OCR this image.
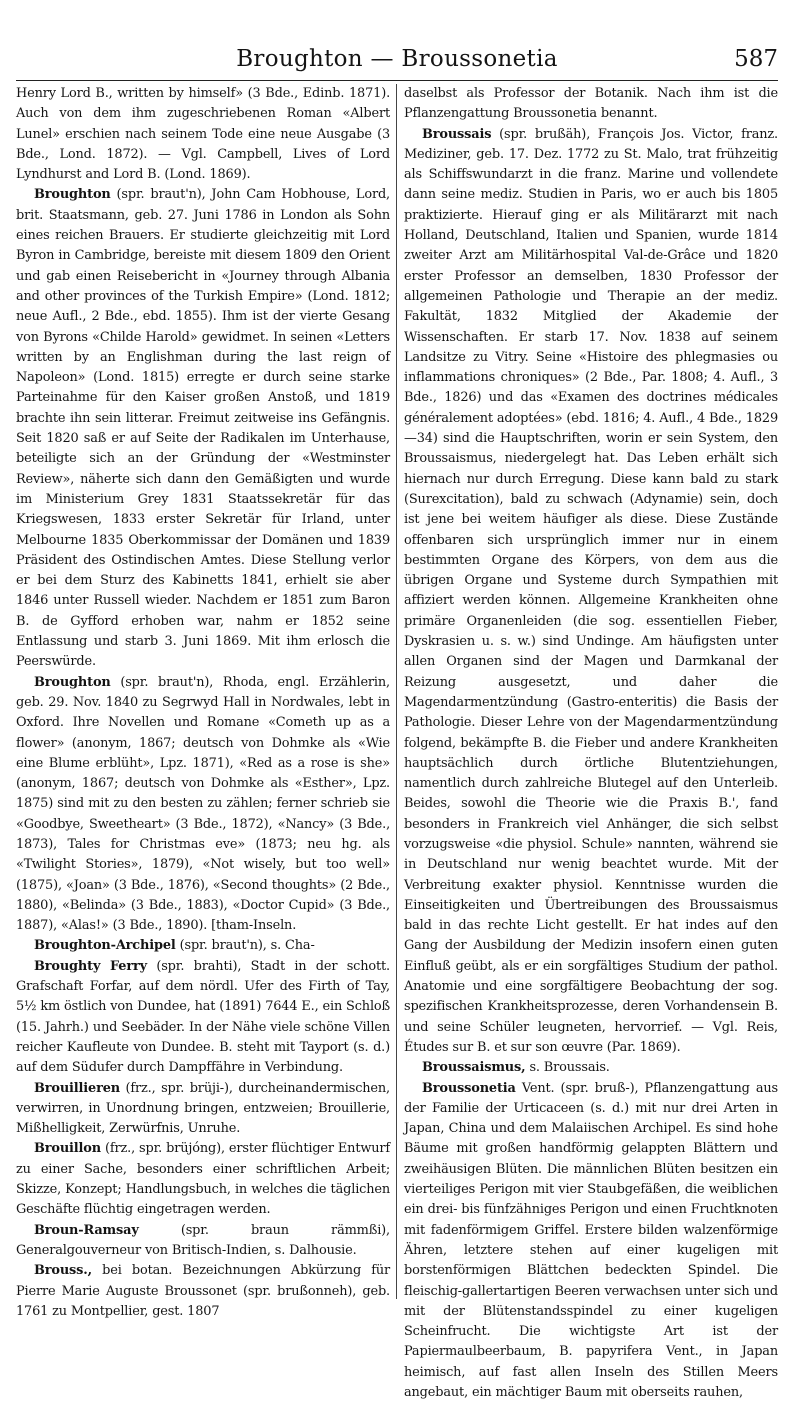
Broughton — Broussonetia	587

Henry Lord B., written by himself» (3 Bde., Edinb. 1871). Auch von dem ihm zugeschriebenen Roman «Albert Lunel» erschien nach seinem Tode eine neue Ausgabe (3 Bde., Lond. 1872). — Vgl. Campbell, Lives of Lord Lyndhurst and Lord B. (Lond. 1869).

Broughton (spr. braut'n), John Cam Hobhouse, Lord, brit. Staatsmann, geb. 27. Juni 1786 in London als Sohn eines reichen Brauers. Er studierte gleichzeitig mit Lord Byron in Cambridge, bereiste mit diesem 1809 den Orient und gab einen Reisebericht in «Journey through Albania and other provinces of the Turkish Empire» (Lond. 1812; neue Aufl., 2 Bde., ebd. 1855). Ihm ist der vierte Gesang von Byrons «Childe Harold» gewidmet. In seinen «Letters written by an Englishman during the last reign of Napoleon» (Lond. 1815) erregte er durch seine starke Parteinahme für den Kaiser großen Anstoß, und 1819 brachte ihn sein litterar. Freimut zeitweise ins Gefängnis. Seit 1820 saß er auf Seite der Radikalen im Unterhause, beteiligte sich an der Gründung der «Westminster Review», näherte sich dann den Gemäßigten und wurde im Ministerium Grey 1831 Staatssekretär für das Kriegswesen, 1833 erster Sekretär für Irland, unter Melbourne 1835 Oberkommissar der Domänen und 1839 Präsident des Ostindischen Amtes. Diese Stellung verlor er bei dem Sturz des Kabinetts 1841, erhielt sie aber 1846 unter Russell wieder. Nachdem er 1851 zum Baron B. de Gyfford erhoben war, nahm er 1852 seine Entlassung und starb 3. Juni 1869. Mit ihm erlosch die Peerswürde.

Broughton (spr. braut'n), Rhoda, engl. Erzählerin, geb. 29. Nov. 1840 zu Segrwyd Hall in Nordwales, lebt in Oxford. Ihre Novellen und Romane «Cometh up as a flower» (anonym, 1867; deutsch von Dohmke als «Wie eine Blume erblüht», Lpz. 1871), «Red as a rose is she» (anonym, 1867; deutsch von Dohmke als «Esther», Lpz. 1875) sind mit zu den besten zu zählen; ferner schrieb sie «Goodbye, Sweetheart» (3 Bde., 1872), «Nancy» (3 Bde., 1873), Tales for Christmas eve» (1873; neu hg. als «Twilight Stories», 1879), «Not wisely, but too well» (1875), «Joan» (3 Bde., 1876), «Second thoughts» (2 Bde., 1880), «Belinda» (3 Bde., 1883), «Doctor Cupid» (3 Bde., 1887), «Alas!» (3 Bde., 1890). [tham-Inseln.

Broughton-Archipel (spr. braut'n), s. Cha-

Broughty Ferry (spr. brahti), Stadt in der schott. Grafschaft Forfar, auf dem nördl. Ufer des Firth of Tay, 5½ km östlich von Dundee, hat (1891) 7644 E., ein Schloß (15. Jahrh.) und Seebäder. In der Nähe viele schöne Villen reicher Kaufleute von Dundee. B. steht mit Tayport (s. d.) auf dem Südufer durch Dampffähre in Verbindung.

Brouillieren (frz., spr. brüji-), durcheinandermischen, verwirren, in Unordnung bringen, entzweien; Brouillerie, Mißhelligkeit, Zerwürfnis, Unruhe.

Brouillon (frz., spr. brüjóng), erster flüchtiger Entwurf zu einer Sache, besonders einer schriftlichen Arbeit; Skizze, Konzept; Handlungsbuch, in welches die täglichen Geschäfte flüchtig eingetragen werden.

Broun-Ramsay	(spr. braun rämmßi), Generalgouverneur von Britisch-Indien, s. Dalhousie.

Brouss., bei botan. Bezeichnungen Abkürzung für Pierre Marie Auguste Broussonet (spr. brußonneh), geb. 1761 zu Montpellier, gest. 1807

daselbst als Professor der Botanik. Nach ihm ist die Pflanzengattung Broussonetia benannt.

Broussais (spr. brußäh), François Jos. Victor, franz. Mediziner, geb. 17. Dez. 1772 zu St. Malo, trat frühzeitig als Schiffswundarzt in die franz. Marine und vollendete dann seine mediz. Studien in Paris, wo er auch bis 1805 praktizierte. Hierauf ging er als Militärarzt mit nach Holland, Deutschland, Italien und Spanien, wurde 1814 zweiter Arzt am Militärhospital Val-de-Grâce und 1820 erster Professor an demselben, 1830 Professor der allgemeinen Pathologie und Therapie an der mediz. Fakultät, 1832 Mitglied der Akademie der Wissenschaften. Er starb 17. Nov. 1838 auf seinem Landsitze zu Vitry. Seine «Histoire des phlegmasies ou inflammations chroniques» (2 Bde., Par. 1808; 4. Aufl., 3 Bde., 1826) und das «Examen des doctrines médicales généralement adoptées» (ebd. 1816; 4. Aufl., 4 Bde., 1829—34) sind die Hauptschriften, worin er sein System, den Broussaismus, niedergelegt hat. Das Leben erhält sich hiernach nur durch Erregung. Diese kann bald zu stark (Surexcitation), bald zu schwach (Adynamie) sein, doch ist jene bei weitem häufiger als diese. Diese Zustände offenbaren sich ursprünglich immer nur in einem bestimmten Organe des Körpers, von dem aus die übrigen Organe und Systeme durch Sympathien mit affiziert werden können. Allgemeine Krankheiten ohne primäre Organenleiden (die sog. essentiellen Fieber, Dyskrasien u. s. w.) sind Undinge. Am häufigsten unter allen Organen sind der Magen und Darmkanal der Reizung ausgesetzt, und daher die Magendarmentzündung (Gastro-enteritis) die Basis der Pathologie. Dieser Lehre von der Magendarmentzündung folgend, bekämpfte B. die Fieber und andere Krankheiten hauptsächlich durch örtliche Blutentziehungen, namentlich durch zahlreiche Blutegel auf den Unterleib. Beides, sowohl die Theorie wie die Praxis B.', fand besonders in Frankreich viel Anhänger, die sich selbst vorzugsweise «die physiol. Schule» nannten, während sie in Deutschland nur wenig beachtet wurde. Mit der Verbreitung exakter physiol. Kenntnisse wurden die Einseitigkeiten und Übertreibungen des Broussaismus bald in das rechte Licht gestellt. Er hat indes auf den Gang der Ausbildung der Medizin insofern einen guten Einfluß geübt, als er ein sorgfältiges Studium der pathol. Anatomie und eine sorgfältigere Beobachtung der sog. spezifischen Krankheitsprozesse, deren Vorhandensein B. und seine Schüler leugneten, hervorrief. — Vgl. Reis, Études sur B. et sur son œuvre (Par. 1869).

Broussaismus, s. Broussais.

Broussonetia Vent. (spr. bruß-), Pflanzengattung aus der Familie der Urticaceen (s. d.) mit nur drei Arten in Japan, China und dem Malaiischen Archipel. Es sind hohe Bäume mit großen handförmig gelappten Blättern und zweihäusigen Blüten. Die männlichen Blüten besitzen ein vierteiliges Perigon mit vier Staubgefäßen, die weiblichen ein drei- bis fünfzähniges Perigon und einen Fruchtknoten mit fadenförmigem Griffel. Erstere bilden walzenförmige Ähren, letztere stehen auf einer kugeligen mit borstenförmigen Blättchen bedeckten Spindel. Die fleischig-gallertartigen Beeren verwachsen unter sich und mit der Blütenstandsspindel zu einer kugeligen Scheinfrucht. Die wichtigste Art ist der Papiermaulbeerbaum, B. papyrifera Vent., in Japan heimisch, auf fast allen Inseln des Stillen Meers angebaut, ein mächtiger Baum mit oberseits rauhen,
